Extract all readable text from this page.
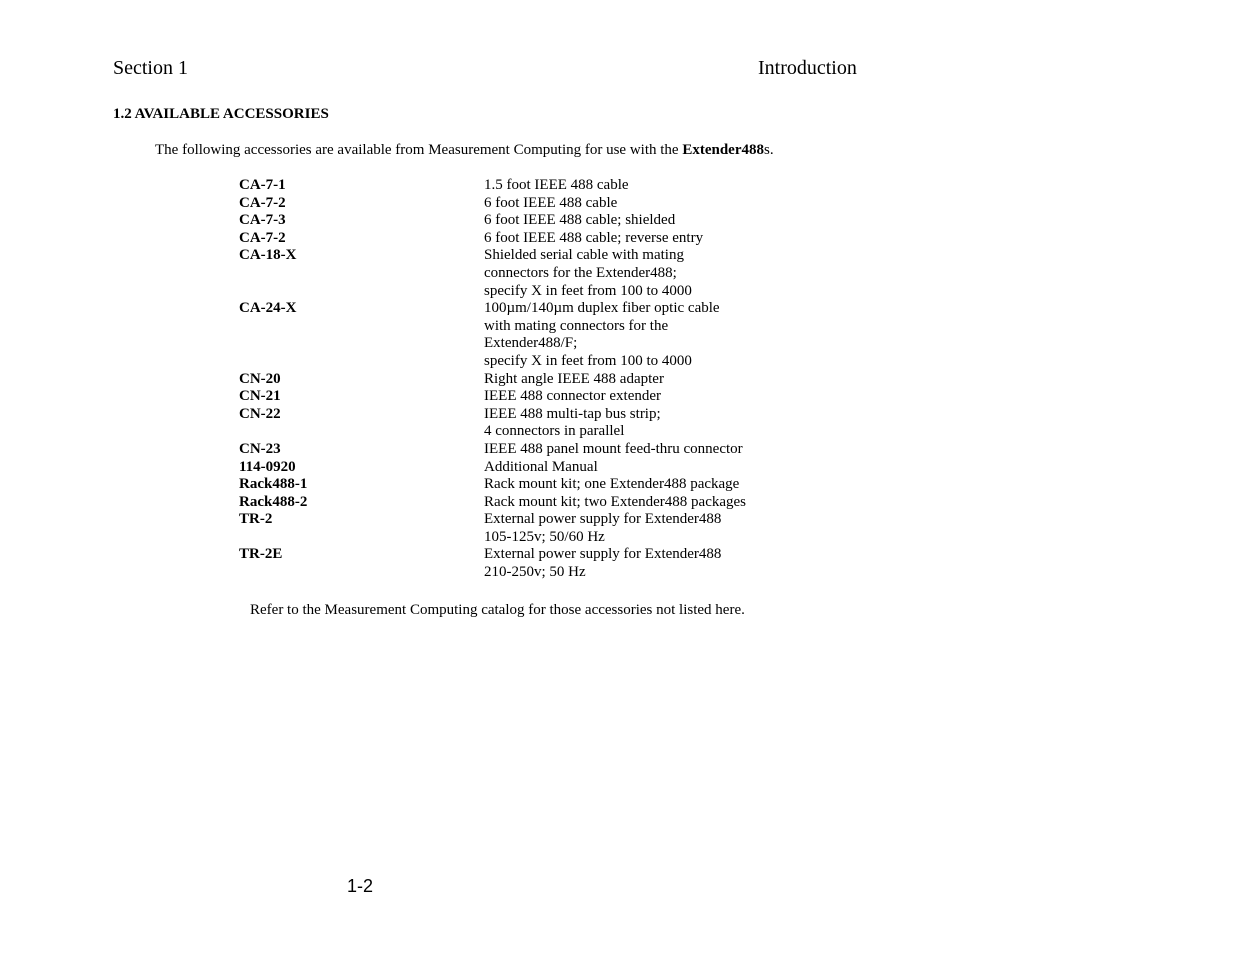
Section 1	Introduction
1.2 AVAILABLE ACCESSORIES
The following accessories are available from Measurement Computing for use with the Extender488s.
CA-7-1	1.5 foot IEEE 488 cable
CA-7-2	6 foot IEEE 488 cable
CA-7-3	6 foot IEEE 488 cable; shielded
CA-7-2	6 foot IEEE 488 cable; reverse entry
CA-18-X	Shielded serial cable with mating
connectors for the Extender488;
specify X in feet from 100 to 4000
CA-24-X	100µm/140µm duplex fiber optic cable
with mating connectors for the
Extender488/F;
specify X in feet from 100 to 4000
CN-20	Right angle IEEE 488 adapter
CN-21	IEEE 488 connector extender
CN-22	IEEE 488 multi-tap bus strip;
4 connectors in parallel
CN-23	IEEE 488 panel mount feed-thru connector
114-0920	Additional Manual
Rack488-1	Rack mount kit; one Extender488 package
Rack488-2	Rack mount kit; two Extender488 packages
TR-2	External power supply for Extender488
105-125v; 50/60 Hz
TR-2E	External power supply for Extender488
210-250v; 50 Hz
Refer to the Measurement Computing catalog for those accessories not listed here.
1-2
